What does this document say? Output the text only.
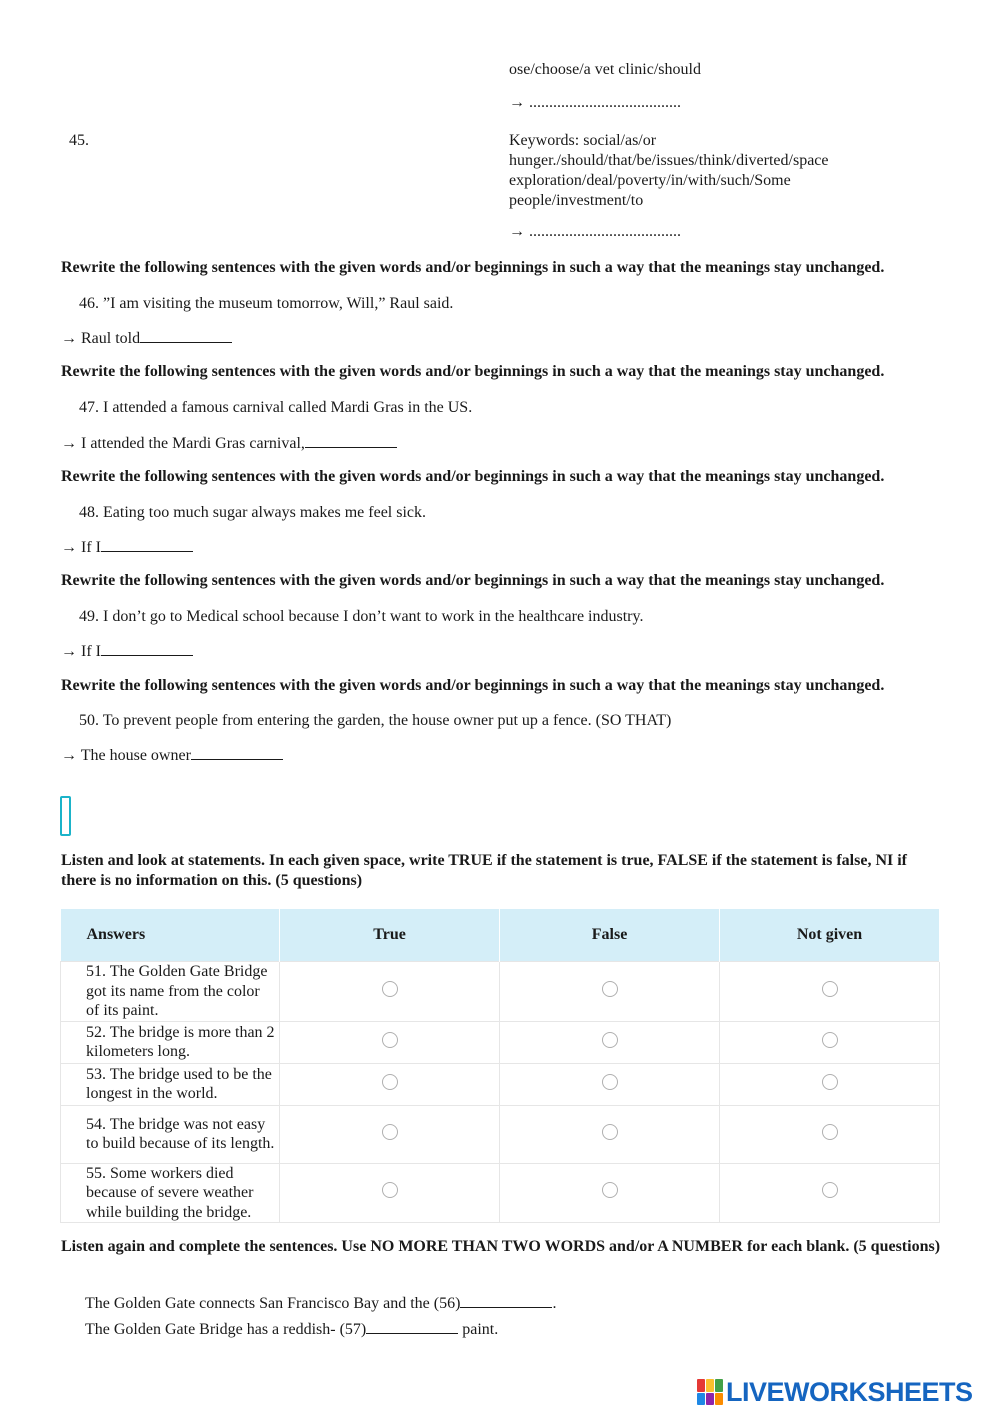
ose/choose/a vet clinic/should
→ ......................................
45.	Keywords: social/as/or hunger./should/that/be/issues/think/diverted/space exploration/deal/poverty/in/with/such/Some people/investment/to
→ ......................................
Rewrite the following sentences with the given words and/or beginnings in such a way that the meanings stay unchanged.
46. ”I am visiting the museum tomorrow, Will,” Raul said.
→ Raul told
Rewrite the following sentences with the given words and/or beginnings in such a way that the meanings stay unchanged.
47. I attended a famous carnival called Mardi Gras in the US.
→ I attended the Mardi Gras carnival,
Rewrite the following sentences with the given words and/or beginnings in such a way that the meanings stay unchanged.
48. Eating too much sugar always makes me feel sick.
→ If I
Rewrite the following sentences with the given words and/or beginnings in such a way that the meanings stay unchanged.
49. I don’t go to Medical school because I don’t want to work in the healthcare industry.
→ If I
Rewrite the following sentences with the given words and/or beginnings in such a way that the meanings stay unchanged.
50. To prevent people from entering the garden, the house owner put up a fence. (SO THAT)
→ The house owner
Listen and look at statements. In each given space, write TRUE if the statement is true, FALSE if the statement is false, NI if there is no information on this. (5 questions)
Answers	True	False	Not given
51. The Golden Gate Bridge got its name from the color of its paint.			
52. The bridge is more than 2 kilometers long.			
53. The bridge used to be the longest in the world.			
54. The bridge was not easy to build because of its length.			
55. Some workers died because of severe weather while building the bridge.			
Listen again and complete the sentences. Use NO MORE THAN TWO WORDS and/or A NUMBER for each blank. (5 questions)
The Golden Gate connects San Francisco Bay and the (56)	.
The Golden Gate Bridge has a reddish- (57)	paint.
LIVEWORKSHEETS
